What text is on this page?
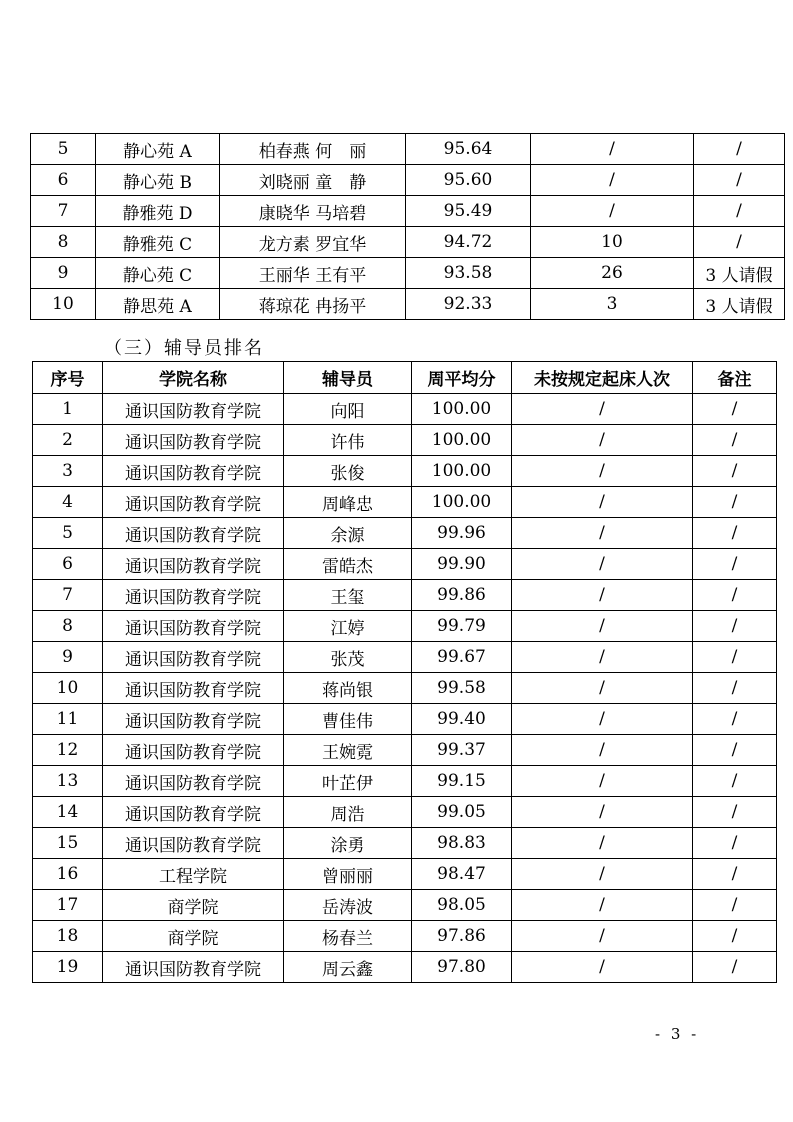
5	静心苑 A	柏春燕 何　丽	95.64	/	/
6	静心苑 B	刘晓丽 童　静	95.60	/	/
7	静雅苑 D	康晓华 马培碧	95.49	/	/
8	静雅苑 C	龙方素 罗宜华	94.72	10	/
9	静心苑 C	王丽华 王有平	93.58	26	3 人请假
10	静思苑 A	蒋琼花 冉扬平	92.33	3	3 人请假
（三）辅导员排名
序号	学院名称	辅导员	周平均分	未按规定起床人次	备注
1	通识国防教育学院	向阳	100.00	/	/
2	通识国防教育学院	许伟	100.00	/	/
3	通识国防教育学院	张俊	100.00	/	/
4	通识国防教育学院	周峰忠	100.00	/	/
5	通识国防教育学院	余源	99.96	/	/
6	通识国防教育学院	雷皓杰	99.90	/	/
7	通识国防教育学院	王玺	99.86	/	/
8	通识国防教育学院	江婷	99.79	/	/
9	通识国防教育学院	张茂	99.67	/	/
10	通识国防教育学院	蒋尚银	99.58	/	/
11	通识国防教育学院	曹佳伟	99.40	/	/
12	通识国防教育学院	王婉霓	99.37	/	/
13	通识国防教育学院	叶芷伊	99.15	/	/
14	通识国防教育学院	周浩	99.05	/	/
15	通识国防教育学院	涂勇	98.83	/	/
16	工程学院	曾丽丽	98.47	/	/
17	商学院	岳涛波	98.05	/	/
18	商学院	杨春兰	97.86	/	/
19	通识国防教育学院	周云鑫	97.80	/	/
- 3 -
